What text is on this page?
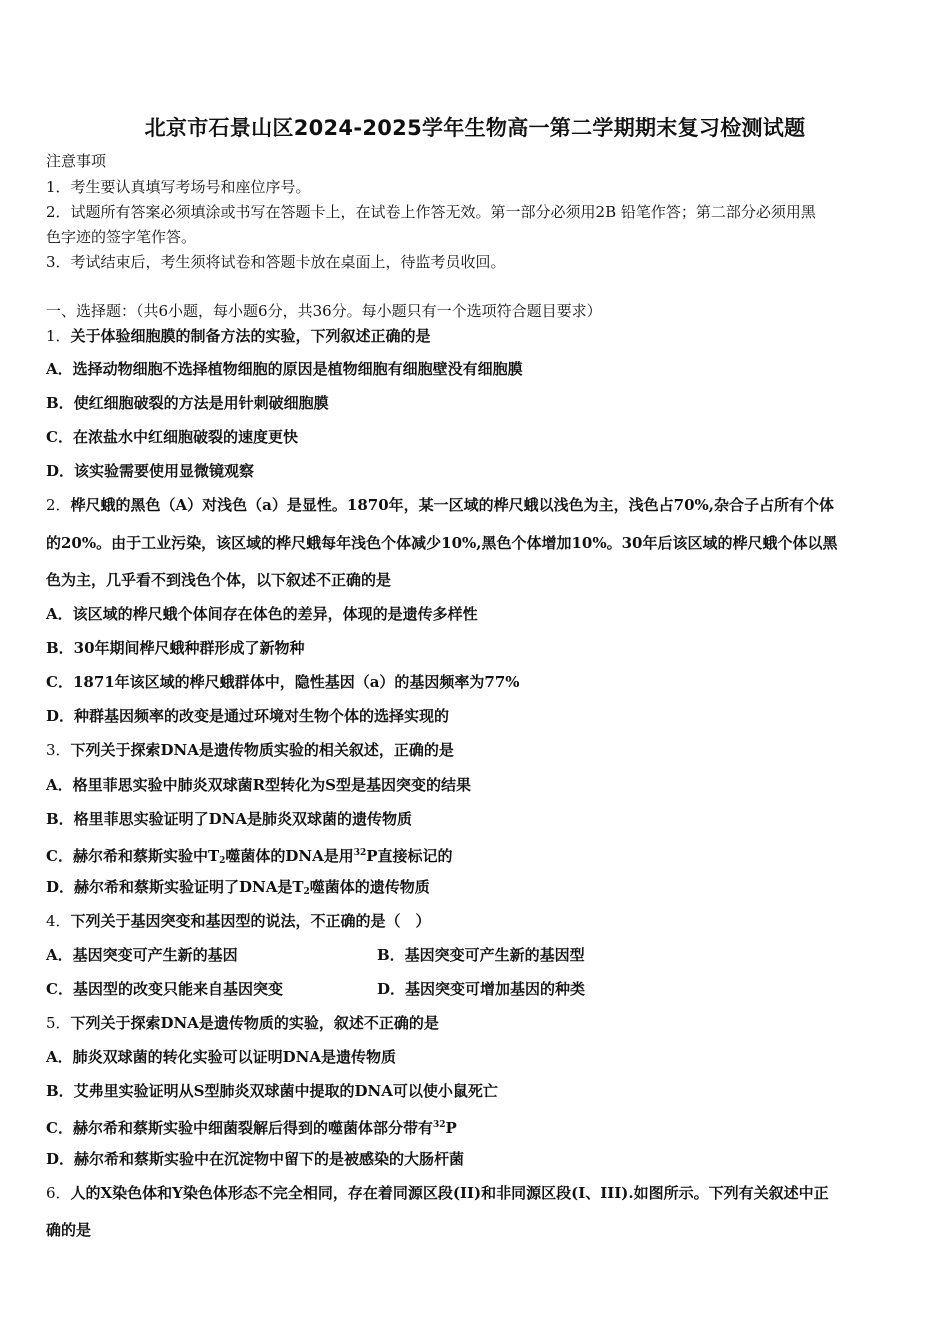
北京市石景山区2024-2025学年生物高一第二学期期末复习检测试题
注意事项
1．考生要认真填写考场号和座位序号。
2．试题所有答案必须填涂或书写在答题卡上，在试卷上作答无效。第一部分必须用2B 铅笔作答；第二部分必须用黑
色字迹的签字笔作答。
3．考试结束后，考生须将试卷和答题卡放在桌面上，待监考员收回。
一、选择题：（共6小题，每小题6分，共36分。每小题只有一个选项符合题目要求）
1．关于体验细胞膜的制备方法的实验，下列叙述正确的是
A．选择动物细胞不选择植物细胞的原因是植物细胞有细胞壁没有细胞膜
B．使红细胞破裂的方法是用针刺破细胞膜
C．在浓盐水中红细胞破裂的速度更快
D．该实验需要使用显微镜观察
2．桦尺蛾的黑色（A）对浅色（a）是显性。1870年，某一区域的桦尺蛾以浅色为主，浅色占70%,杂合子占所有个体
的20%。由于工业污染，该区域的桦尺蛾每年浅色个体减少10%,黑色个体增加10%。30年后该区域的桦尺蛾个体以黑
色为主，几乎看不到浅色个体，以下叙述不正确的是
A．该区域的桦尺蛾个体间存在体色的差异，体现的是遗传多样性
B．30年期间桦尺蛾种群形成了新物种
C．1871年该区域的桦尺蛾群体中，隐性基因（a）的基因频率为77%
D．种群基因频率的改变是通过环境对生物个体的选择实现的
3．下列关于探索DNA是遗传物质实验的相关叙述，正确的是
A．格里菲思实验中肺炎双球菌R型转化为S型是基因突变的结果
B．格里菲思实验证明了DNA是肺炎双球菌的遗传物质
C．赫尔希和蔡斯实验中$T_2$噬菌体的DNA是用$^{32}$P直接标记的
D．赫尔希和蔡斯实验证明了DNA是$T_2$噬菌体的遗传物质
4．下列关于基因突变和基因型的说法，不正确的是（　）
A．基因突变可产生新的基因	B．基因突变可产生新的基因型
C．基因型的改变只能来自基因突变	D．基因突变可增加基因的种类
5．下列关于探索DNA是遗传物质的实验，叙述不正确的是
A．肺炎双球菌的转化实验可以证明DNA是遗传物质
B．艾弗里实验证明从S型肺炎双球菌中提取的DNA可以使小鼠死亡
C．赫尔希和蔡斯实验中细菌裂解后得到的噬菌体部分带有$^{32}$P
D．赫尔希和蔡斯实验中在沉淀物中留下的是被感染的大肠杆菌
6．人的X染色体和Y染色体形态不完全相同，存在着同源区段(II)和非同源区段(I、III).如图所示。下列有关叙述中正
确的是
